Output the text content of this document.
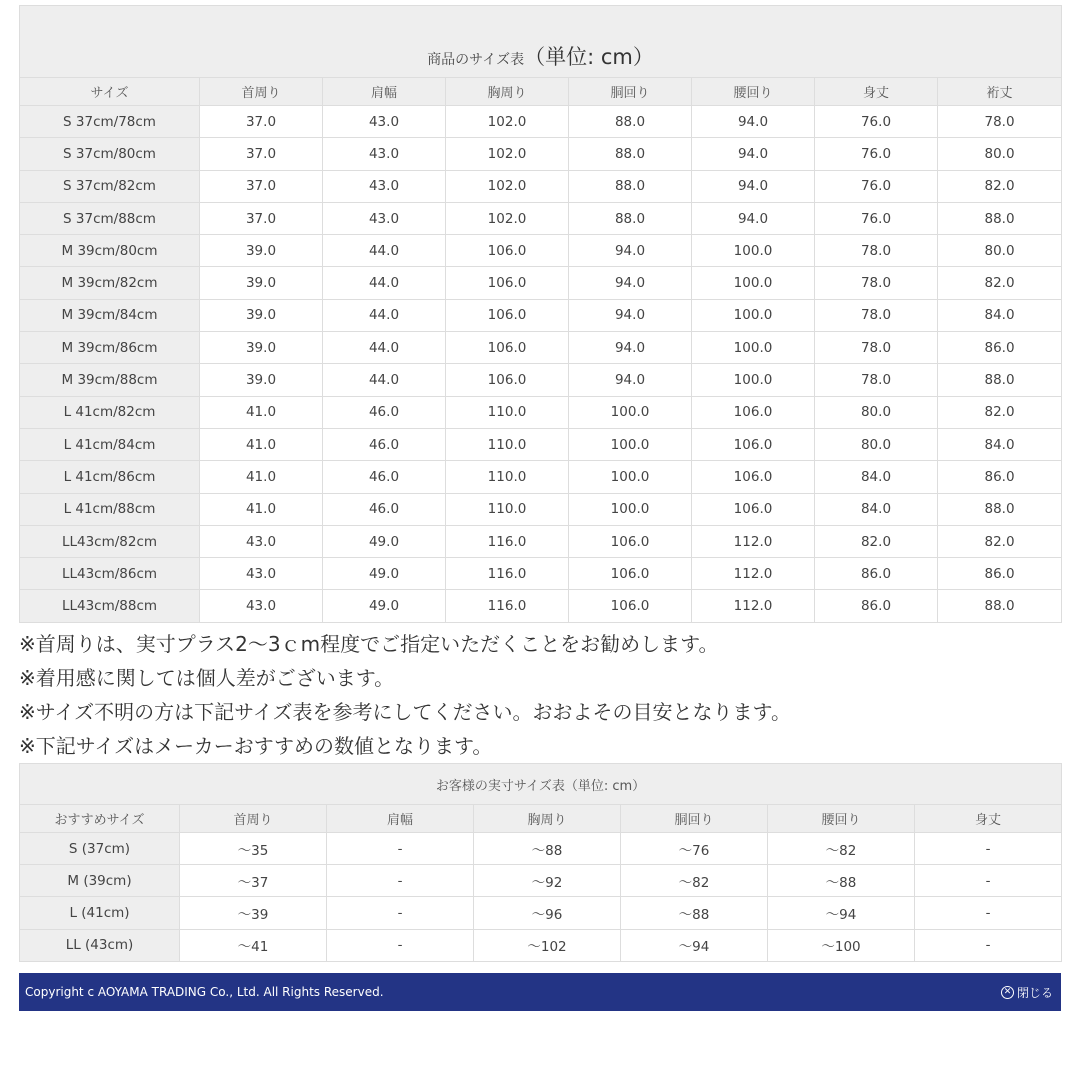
商品のサイズ表（単位: cm）							
サイズ	首周り	肩幅	胸周り	胴回り	腰回り	身丈	裄丈
S 37cm/78cm	37.0	43.0	102.0	88.0	94.0	76.0	78.0
S 37cm/80cm	37.0	43.0	102.0	88.0	94.0	76.0	80.0
S 37cm/82cm	37.0	43.0	102.0	88.0	94.0	76.0	82.0
S 37cm/88cm	37.0	43.0	102.0	88.0	94.0	76.0	88.0
M 39cm/80cm	39.0	44.0	106.0	94.0	100.0	78.0	80.0
M 39cm/82cm	39.0	44.0	106.0	94.0	100.0	78.0	82.0
M 39cm/84cm	39.0	44.0	106.0	94.0	100.0	78.0	84.0
M 39cm/86cm	39.0	44.0	106.0	94.0	100.0	78.0	86.0
M 39cm/88cm	39.0	44.0	106.0	94.0	100.0	78.0	88.0
L 41cm/82cm	41.0	46.0	110.0	100.0	106.0	80.0	82.0
L 41cm/84cm	41.0	46.0	110.0	100.0	106.0	80.0	84.0
L 41cm/86cm	41.0	46.0	110.0	100.0	106.0	84.0	86.0
L 41cm/88cm	41.0	46.0	110.0	100.0	106.0	84.0	88.0
LL43cm/82cm	43.0	49.0	116.0	106.0	112.0	82.0	82.0
LL43cm/86cm	43.0	49.0	116.0	106.0	112.0	86.0	86.0
LL43cm/88cm	43.0	49.0	116.0	106.0	112.0	86.0	88.0
※首周りは、実寸プラス2〜3ｃm程度でご指定いただくことをお勧めします。
※着用感に関しては個人差がございます。
※サイズ不明の方は下記サイズ表を参考にしてください。おおよその目安となります。
※下記サイズはメーカーおすすめの数値となります。
お客様の実寸サイズ表（単位: cm）						
おすすめサイズ	首周り	肩幅	胸周り	胴回り	腰回り	身丈
S (37cm)	〜35	-	〜88	〜76	〜82	-
M (39cm)	〜37	-	〜92	〜82	〜88	-
L (41cm)	〜39	-	〜96	〜88	〜94	-
LL (43cm)	〜41	-	〜102	〜94	〜100	-
Copyright c AOYAMA TRADING Co., Ltd. All Rights Reserved.	✕ 閉じる
